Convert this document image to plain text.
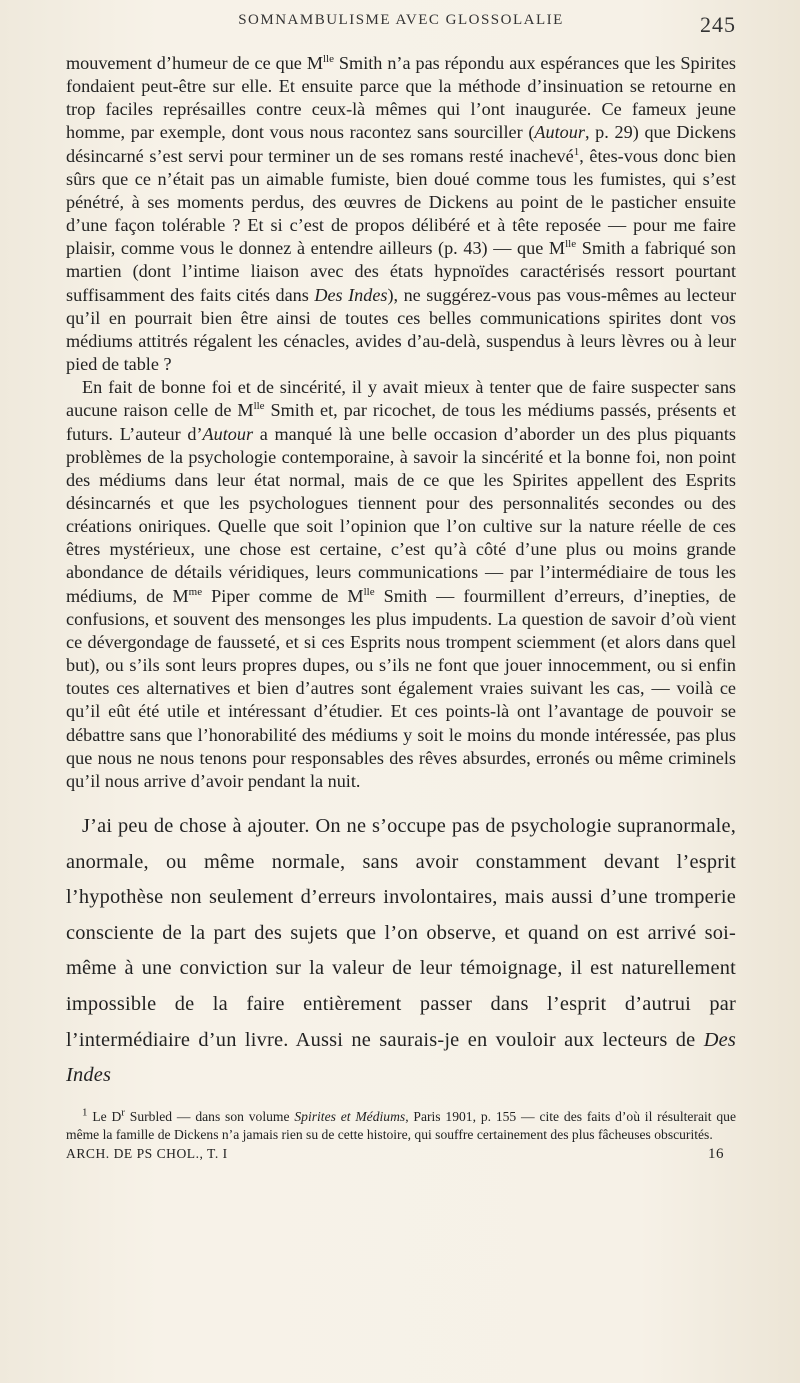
SOMNAMBULISME AVEC GLOSSOLALIE	245

mouvement d’humeur de ce que $M^{lle}$ Smith n’a pas répondu aux espérances que les Spirites fondaient peut-être sur elle. Et ensuite parce que la méthode d’insinuation se retourne en trop faciles représailles contre ceux-là mêmes qui l’ont inaugurée. Ce fameux jeune homme, par exemple, dont vous nous racontez sans sourciller (Autour, p. 29) que Dickens désincarné s’est servi pour terminer un de ses romans resté inachevé$^1$, êtes-vous donc bien sûrs que ce n’était pas un aimable fumiste, bien doué comme tous les fumistes, qui s’est pénétré, à ses moments perdus, des œuvres de Dickens au point de le pasticher ensuite d’une façon tolérable ? Et si c’est de propos délibéré et à tête reposée — pour me faire plaisir, comme vous le donnez à entendre ailleurs (p. 43) — que $M^{lle}$ Smith a fabriqué son martien (dont l’intime liaison avec des états hypnoïdes caractérisés ressort pourtant suffisamment des faits cités dans Des Indes), ne suggérez-vous pas vous-mêmes au lecteur qu’il en pourrait bien être ainsi de toutes ces belles communications spirites dont vos médiums attitrés régalent les cénacles, avides d’au-delà, suspendus à leurs lèvres ou à leur pied de table ?

En fait de bonne foi et de sincérité, il y avait mieux à tenter que de faire suspecter sans aucune raison celle de $M^{lle}$ Smith et, par ricochet, de tous les médiums passés, présents et futurs. L’auteur d’Autour a manqué là une belle occasion d’aborder un des plus piquants problèmes de la psychologie contemporaine, à savoir la sincérité et la bonne foi, non point des médiums dans leur état normal, mais de ce que les Spirites appellent des Esprits désincarnés et que les psychologues tiennent pour des personnalités secondes ou des créations oniriques. Quelle que soit l’opinion que l’on cultive sur la nature réelle de ces êtres mystérieux, une chose est certaine, c’est qu’à côté d’une plus ou moins grande abondance de détails véridiques, leurs communications — par l’intermédiaire de tous les médiums, de $M^{me}$ Piper comme de $M^{lle}$ Smith — fourmillent d’erreurs, d’inepties, de confusions, et souvent des mensonges les plus impudents. La question de savoir d’où vient ce dévergondage de fausseté, et si ces Esprits nous trompent sciemment (et alors dans quel but), ou s’ils sont leurs propres dupes, ou s’ils ne font que jouer innocemment, ou si enfin toutes ces alternatives et bien d’autres sont également vraies suivant les cas, — voilà ce qu’il eût été utile et intéressant d’étudier. Et ces points-là ont l’avantage de pouvoir se débattre sans que l’honorabilité des médiums y soit le moins du monde intéressée, pas plus que nous ne nous tenons pour responsables des rêves absurdes, erronés ou même criminels qu’il nous arrive d’avoir pendant la nuit.

J’ai peu de chose à ajouter. On ne s’occupe pas de psychologie supranormale, anormale, ou même normale, sans avoir constamment devant l’esprit l’hypothèse non seulement d’erreurs involontaires, mais aussi d’une tromperie consciente de la part des sujets que l’on observe, et quand on est arrivé soi-même à une conviction sur la valeur de leur témoignage, il est naturellement impossible de la faire entièrement passer dans l’esprit d’autrui par l’intermédiaire d’un livre. Aussi ne saurais-je en vouloir aux lecteurs de Des Indes

$^1$ Le $D^r$ Surbled — dans son volume Spirites et Médiums, Paris 1901, p. 155 — cite des faits d’où il résulterait que même la famille de Dickens n’a jamais rien su de cette histoire, qui souffre certainement des plus fâcheuses obscurités.

ARCH. DE PS CHOL., T. I	16
